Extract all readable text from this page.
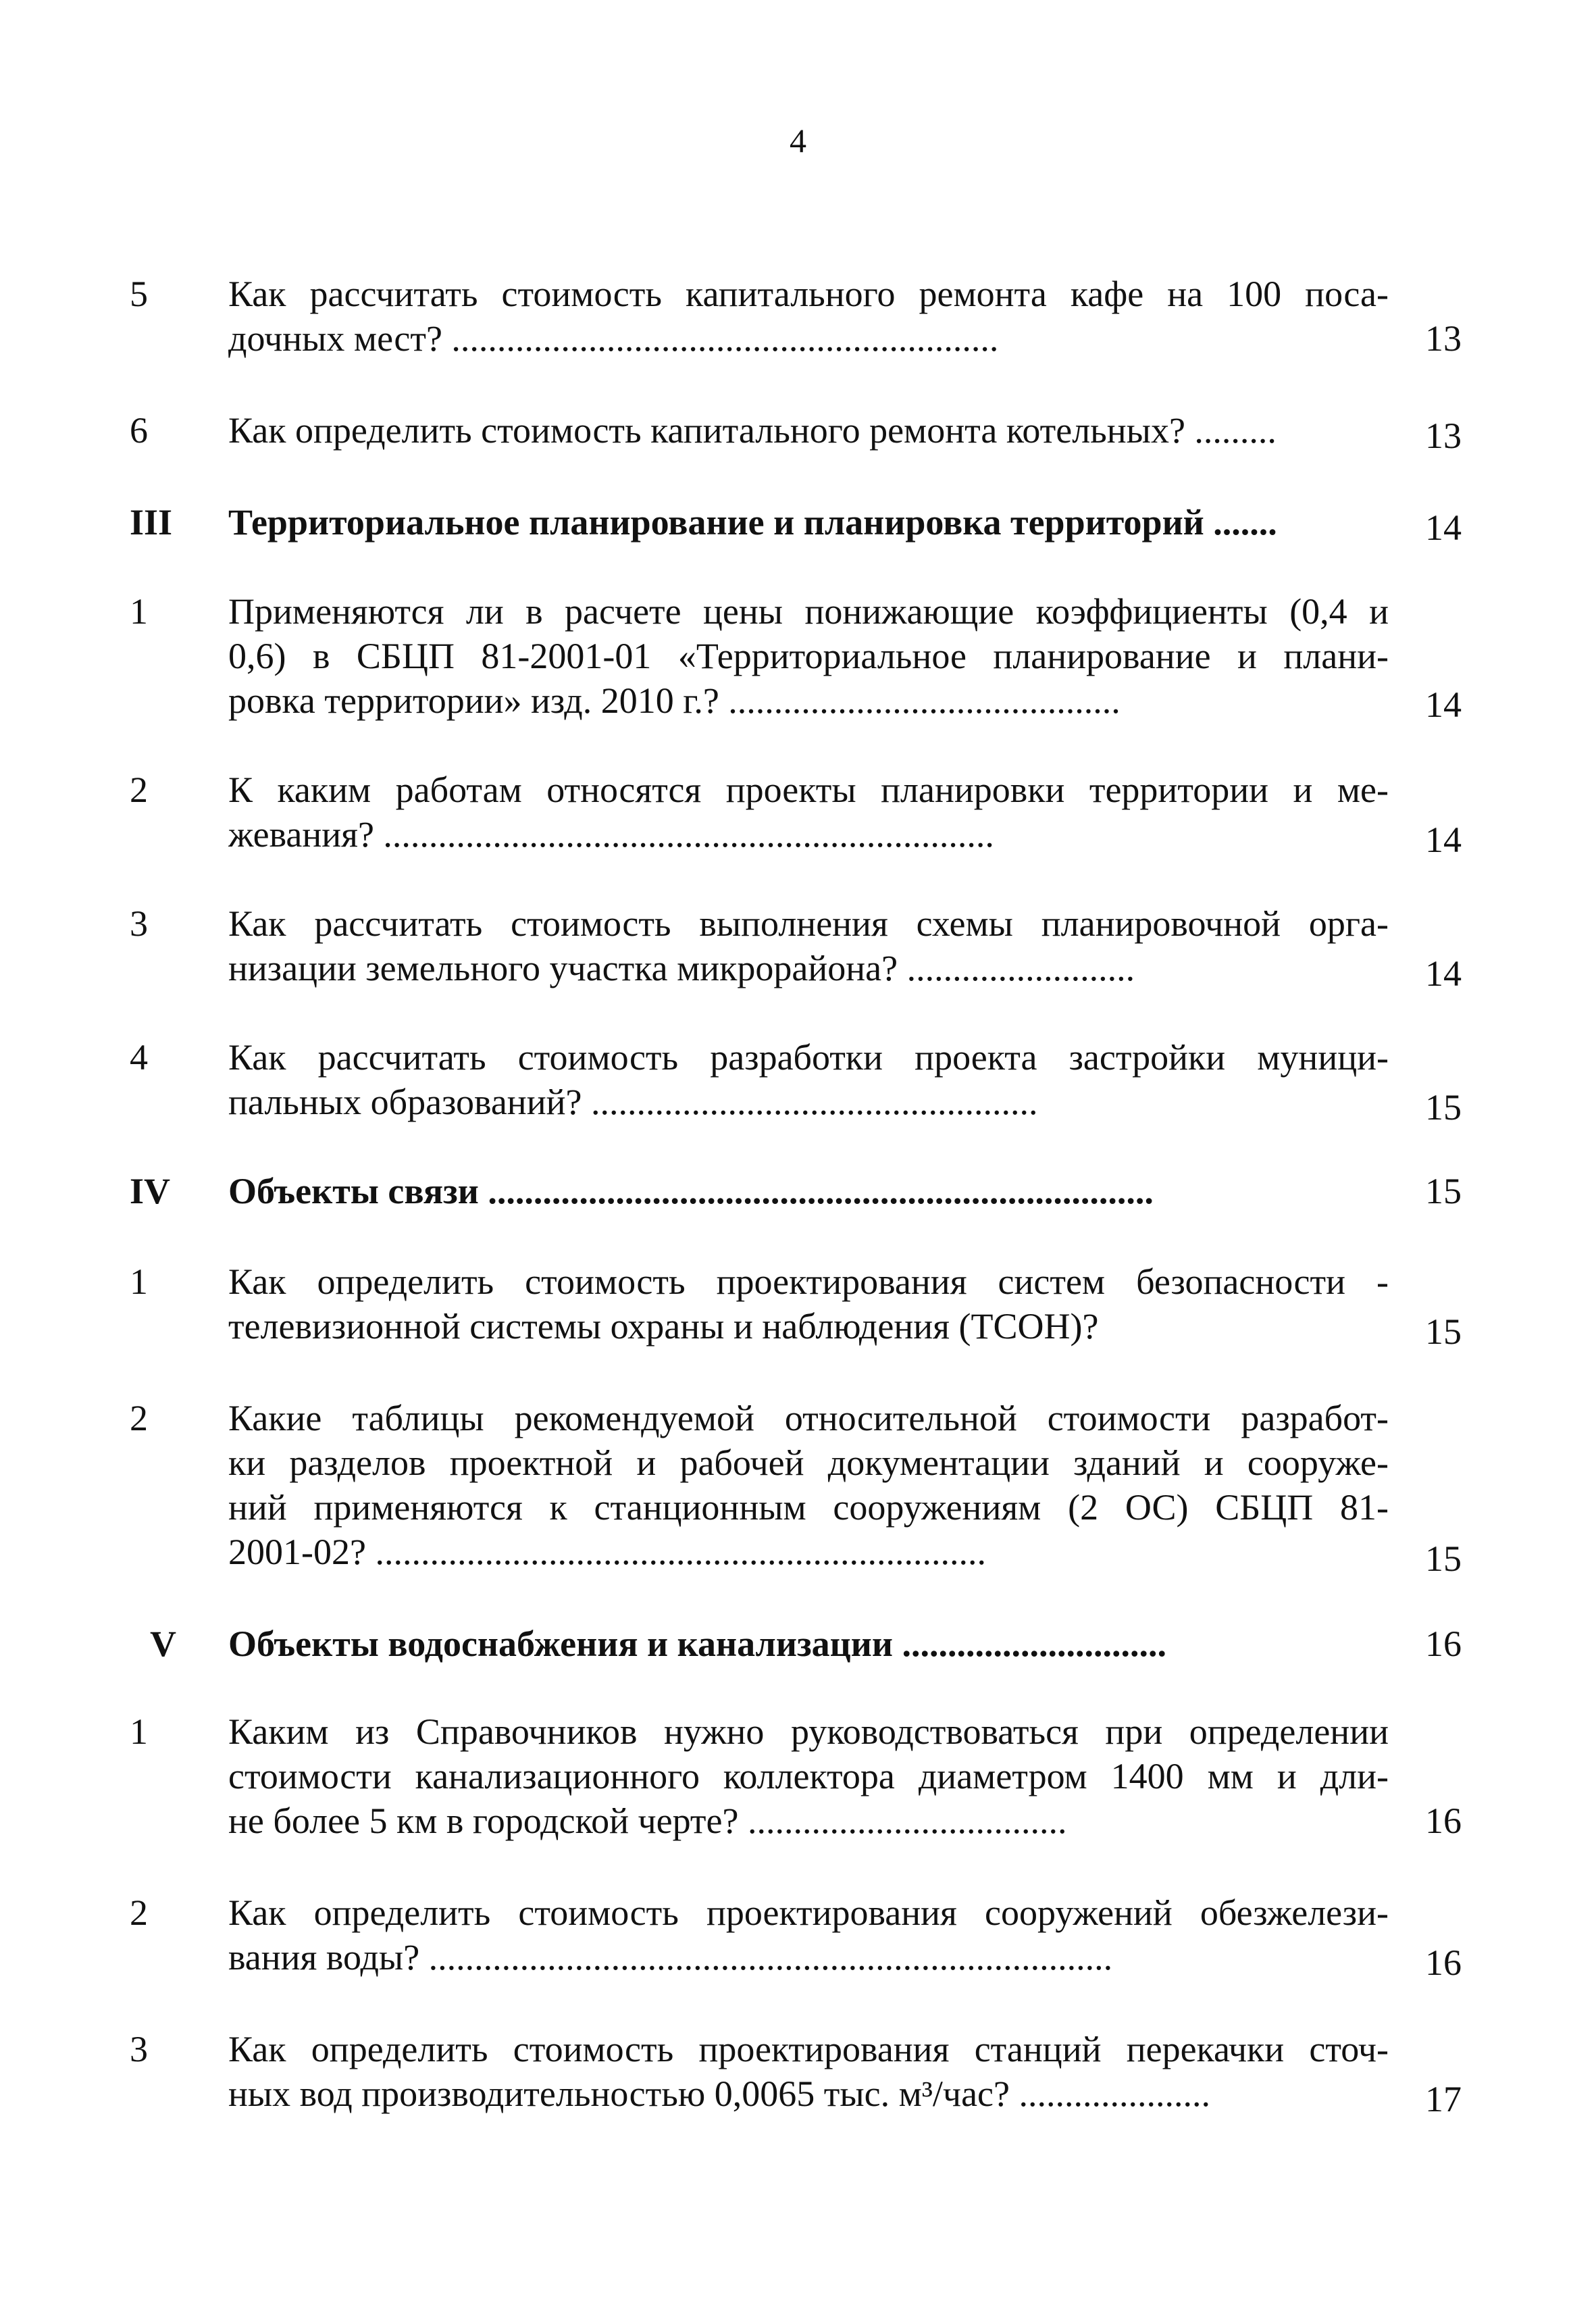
4
5	Как рассчитать стоимость капитального ремонта кафе на 100 поса-
дочных мест? ............................................................	13
6	Как определить стоимость капитального ремонта котельных? .........	13
III	Территориальное планирование и планировка территорий .......	14
1	Применяются ли в расчете цены понижающие коэффициенты (0,4 и
0,6) в СБЦП 81-2001-01 «Территориальное планирование и плани-
ровка территории» изд. 2010 г.? ...........................................	14
2	К каким работам относятся проекты планировки территории и ме-
жевания? ...................................................................	14
3	Как рассчитать стоимость выполнения схемы планировочной орга-
низации земельного участка микрорайона? .........................	14
4	Как рассчитать стоимость разработки проекта застройки муници-
пальных образований? .................................................	15
IV	Объекты связи .........................................................................	15
1	Как определить стоимость проектирования систем безопасности -
телевизионной системы охраны и наблюдения (ТСОН)?	15
2	Какие таблицы рекомендуемой относительной стоимости разработ-
ки разделов проектной и рабочей документации зданий и сооруже-
ний применяются к станционным сооружениям (2 ОС) СБЦП 81-
2001-02? ...................................................................	15
V	Объекты водоснабжения и канализации .............................	16
1	Каким из Справочников нужно руководствоваться при определении
стоимости канализационного коллектора диаметром 1400 мм и дли-
не более 5 км в городской черте? ...................................	16
2	Как определить стоимость проектирования сооружений обезжелези-
вания воды? ...........................................................................	16
3	Как определить стоимость проектирования станций перекачки сточ-
ных вод производительностью 0,0065 тыс. м³/час? .....................	17
